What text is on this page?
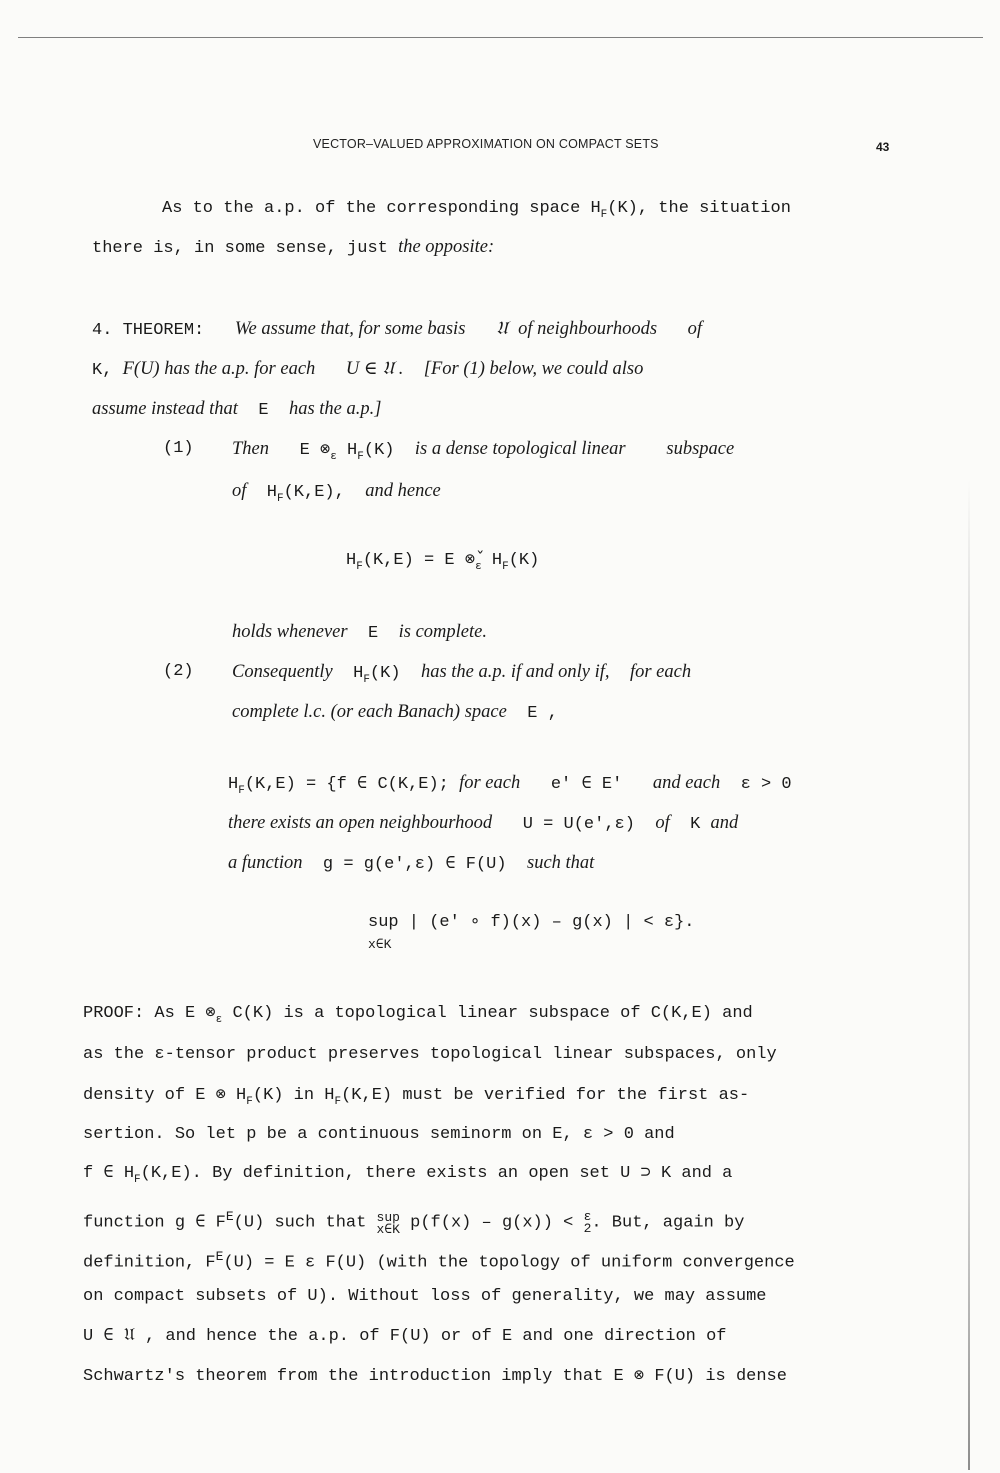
VECTOR–VALUED APPROXIMATION ON COMPACT SETS	43
As to the a.p. of the corresponding space $H_F(K)$, the situation
there is, in some sense, just the opposite:
4. THEOREM: We assume that, for some basis 𝔘 of neighbourhoods of
K, F(U) has the a.p. for each U ∈ 𝔘 . [For (1) below, we could also
assume instead that E has the a.p.]
(1) Then E $\otimes_\varepsilon$ $H_F(K)$ is a dense topological linear subspace
of $H_F(K,E)$, and hence
$H_F(K,E) = E$ $\otimeš_\varepsilon$ $H_F(K)$
holds whenever E is complete.
(2) Consequently $H_F(K)$ has the a.p. if and only if, for each
complete l.c. (or each Banach) space E ,
$H_F(K,E) = \{f$ ∈ C(K,E); for each e' ∈ E' and each ε > 0
there exists an open neighbourhood U = U(e',ε) of K and
a function g = g(e',ε) ∈ F(U) such that
sup | (e' ∘ f)(x) – g(x) | < ε}.
x∈K
PROOF: As E $\otimes_\varepsilon$ C(K) is a topological linear subspace of C(K,E) and
as the ε-tensor product preserves topological linear subspaces, only
density of E ⊗ $H_F(K)$ in $H_F(K,E)$ must be verified for the first as-
sertion. So let p be a continuous seminorm on E, ε > 0 and
f ∈ $H_F(K,E)$. By definition, there exists an open set U ⊃ K and a
function g ∈ $F^E(U)$ such that sup
x∈K p(f(x) – g(x)) < ε
2. But, again by
definition, $F^E(U) = E$ ε F(U) (with the topology of uniform convergence
on compact subsets of U). Without loss of generality, we may assume
U ∈ 𝔘 , and hence the a.p. of F(U) or of E and one direction of
Schwartz's theorem from the introduction imply that E ⊗ F(U) is dense
